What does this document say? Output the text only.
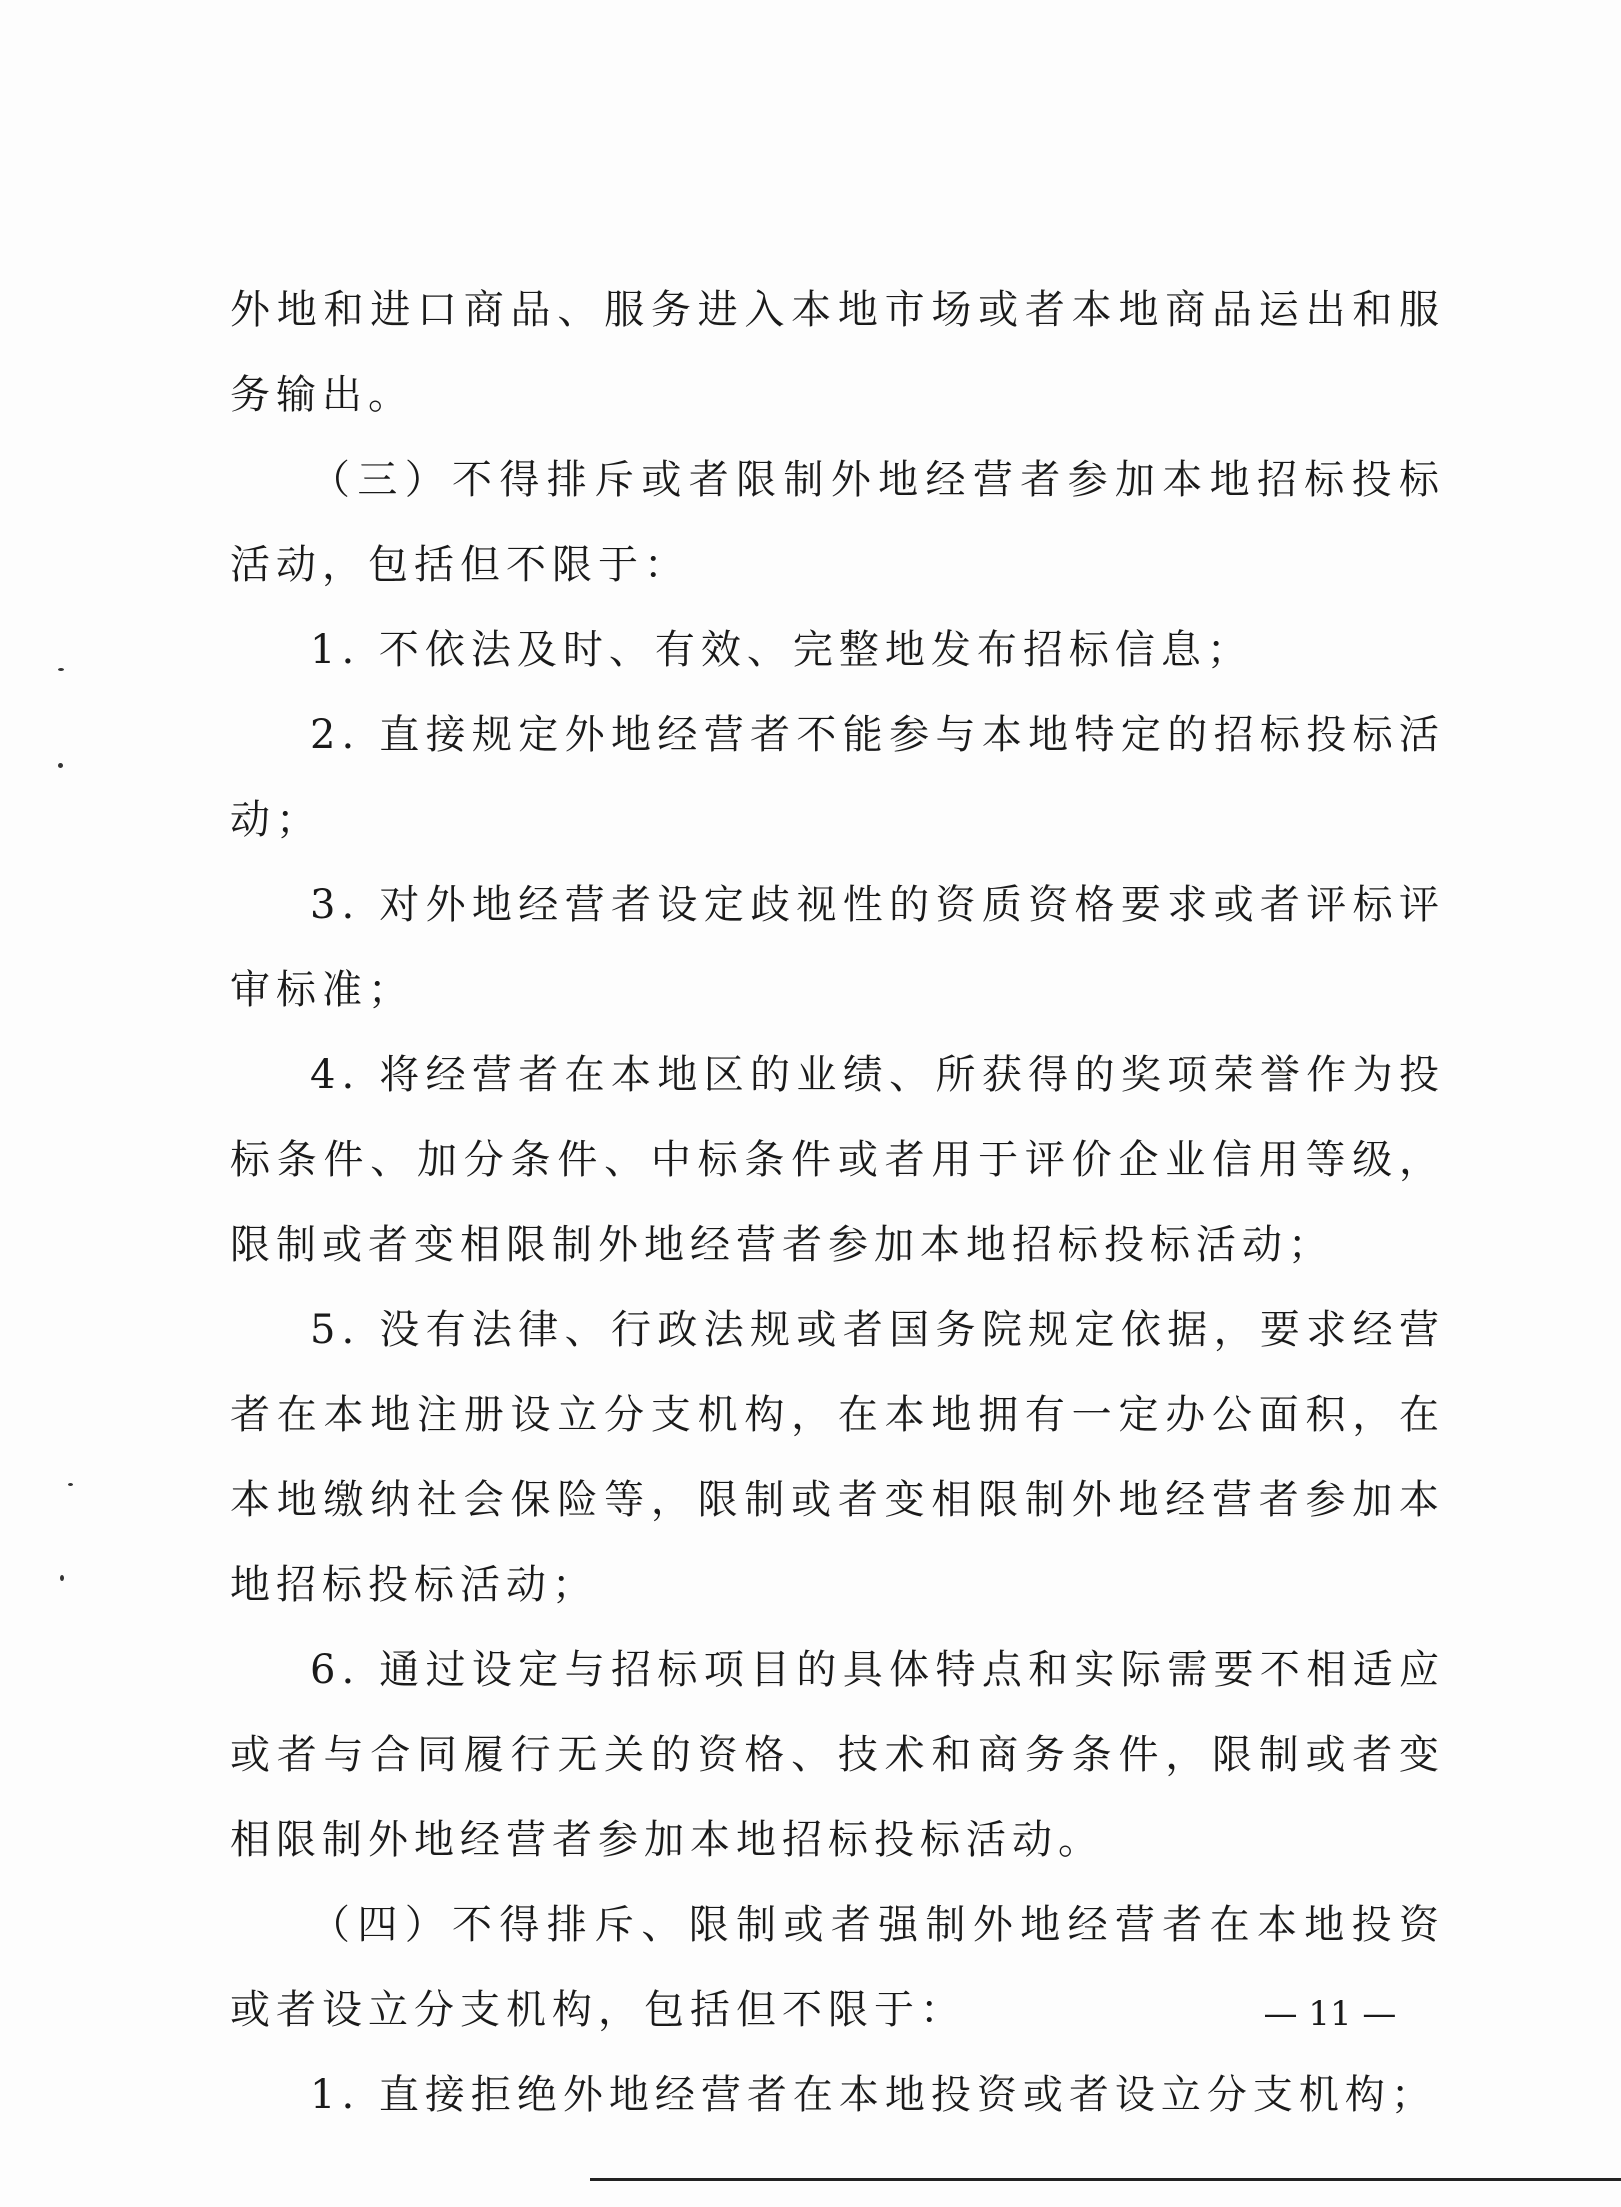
外地和进口商品、服务进入本地市场或者本地商品运出和服务输出。

（三）不得排斥或者限制外地经营者参加本地招标投标活动，包括但不限于：

1. 不依法及时、有效、完整地发布招标信息；

2. 直接规定外地经营者不能参与本地特定的招标投标活动；

3. 对外地经营者设定歧视性的资质资格要求或者评标评审标准；

4. 将经营者在本地区的业绩、所获得的奖项荣誉作为投标条件、加分条件、中标条件或者用于评价企业信用等级，限制或者变相限制外地经营者参加本地招标投标活动；

5. 没有法律、行政法规或者国务院规定依据，要求经营者在本地注册设立分支机构，在本地拥有一定办公面积，在本地缴纳社会保险等，限制或者变相限制外地经营者参加本地招标投标活动；

6. 通过设定与招标项目的具体特点和实际需要不相适应或者与合同履行无关的资格、技术和商务条件，限制或者变相限制外地经营者参加本地招标投标活动。

（四）不得排斥、限制或者强制外地经营者在本地投资或者设立分支机构，包括但不限于：

1. 直接拒绝外地经营者在本地投资或者设立分支机构；

— 11 —
